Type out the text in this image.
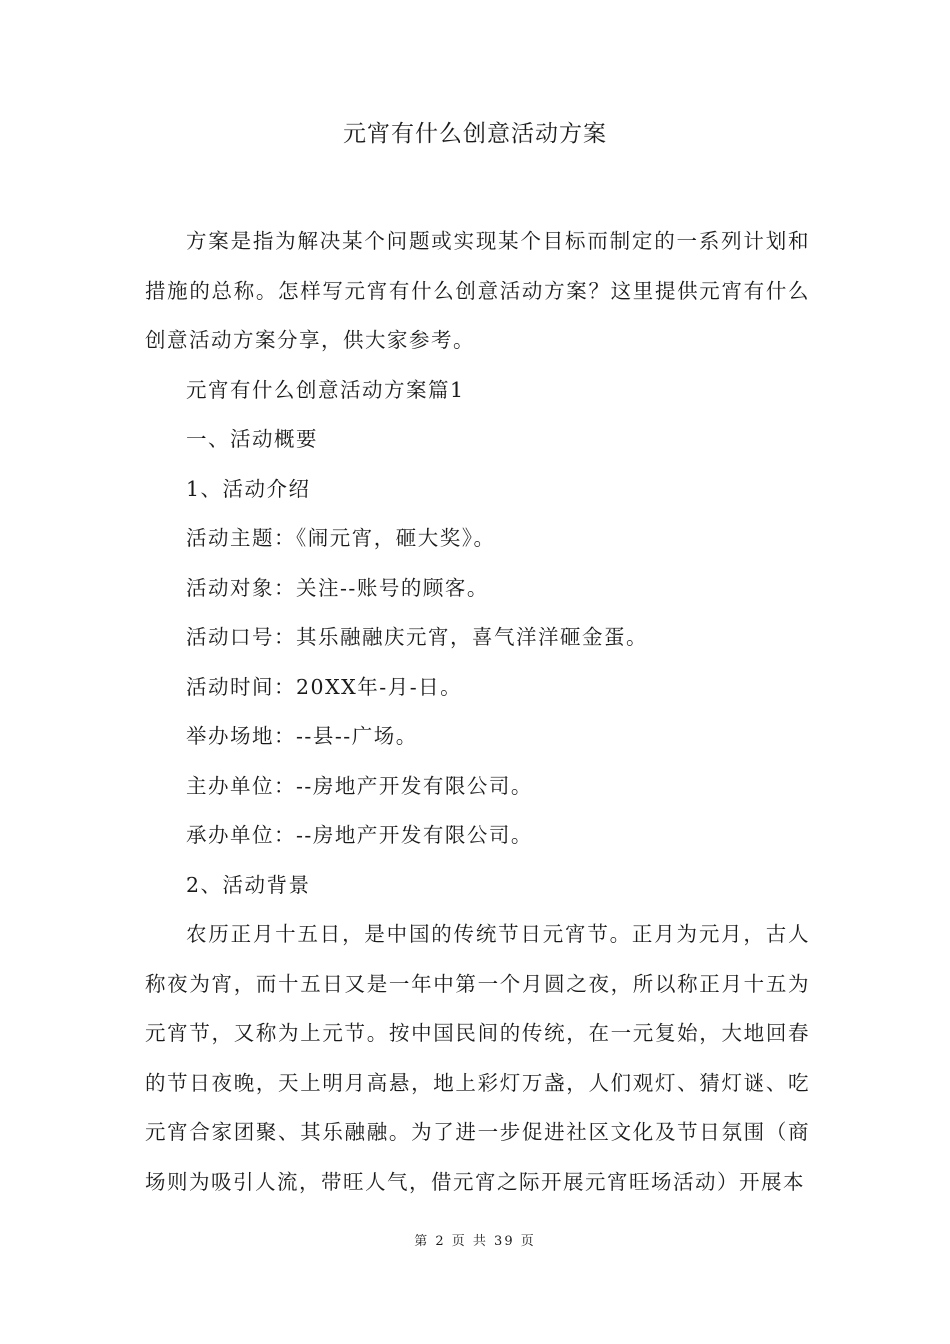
元宵有什么创意活动方案

方案是指为解决某个问题或实现某个目标而制定的一系列计划和措施的总称。怎样写元宵有什么创意活动方案？这里提供元宵有什么创意活动方案分享，供大家参考。

元宵有什么创意活动方案篇1

一、活动概要

1、活动介绍

活动主题：《闹元宵，砸大奖》。

活动对象：关注--账号的顾客。

活动口号：其乐融融庆元宵，喜气洋洋砸金蛋。

活动时间：20XX年-月-日。

举办场地：--县--广场。

主办单位：--房地产开发有限公司。

承办单位：--房地产开发有限公司。

2、活动背景

农历正月十五日，是中国的传统节日元宵节。正月为元月，古人称夜为宵，而十五日又是一年中第一个月圆之夜，所以称正月十五为元宵节，又称为上元节。按中国民间的传统，在一元复始，大地回春的节日夜晚，天上明月高悬，地上彩灯万盏，人们观灯、猜灯谜、吃元宵合家团聚、其乐融融。为了进一步促进社区文化及节日氛围（商场则为吸引人流，带旺人气，借元宵之际开展元宵旺场活动）开展本

第 2 页 共 39 页
